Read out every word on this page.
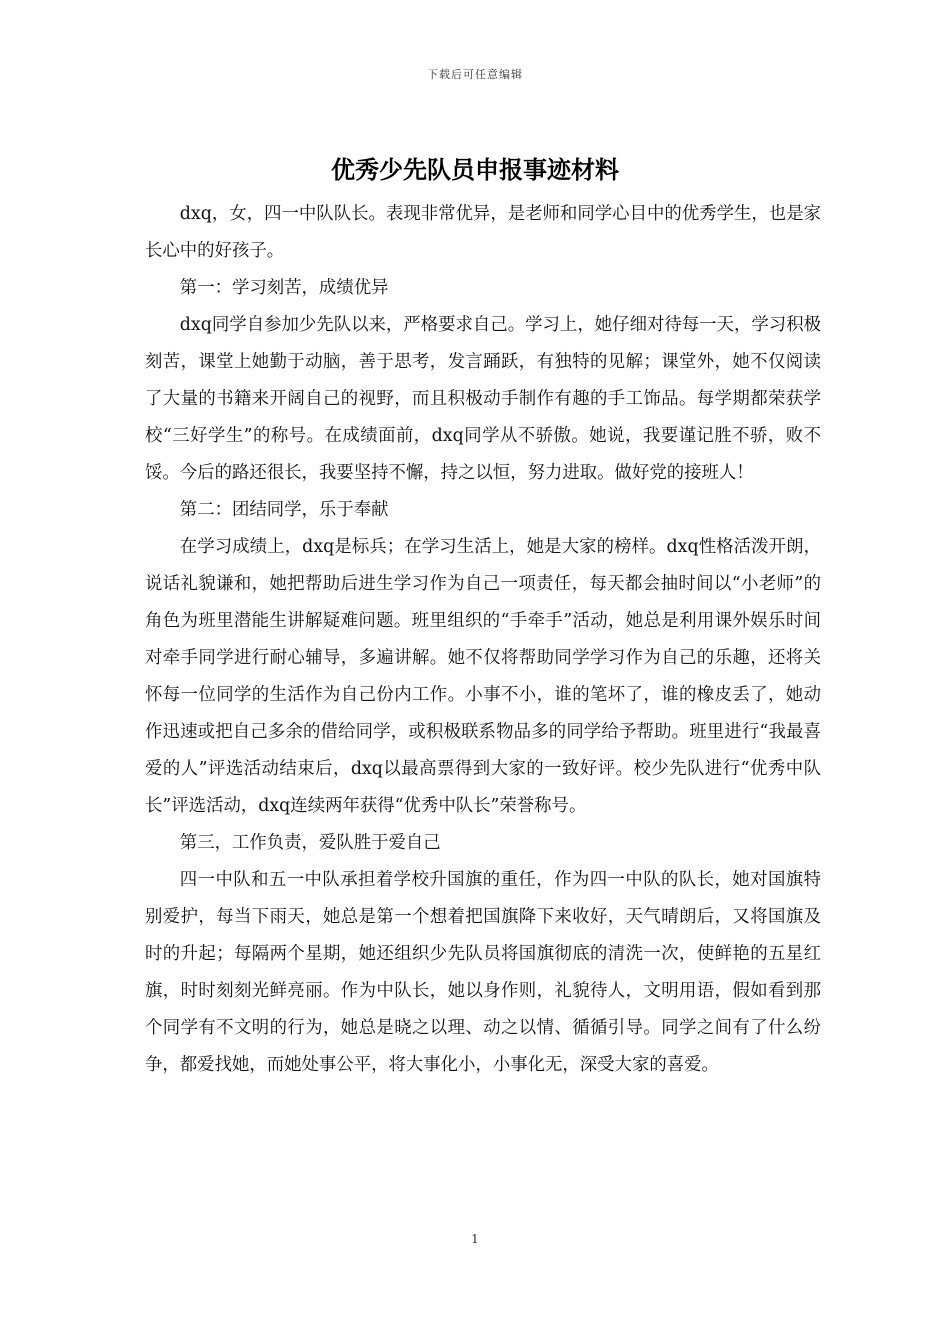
下载后可任意编辑
优秀少先队员申报事迹材料

dxq，女，四一中队队长。表现非常优异，是老师和同学心目中的优秀学生，也是家长心中的好孩子。

第一：学习刻苦，成绩优异

dxq同学自参加少先队以来，严格要求自己。学习上，她仔细对待每一天，学习积极刻苦，课堂上她勤于动脑，善于思考，发言踊跃，有独特的见解；课堂外，她不仅阅读了大量的书籍来开阔自己的视野，而且积极动手制作有趣的手工饰品。每学期都荣获学校“三好学生”的称号。在成绩面前，dxq同学从不骄傲。她说，我要谨记胜不骄，败不馁。今后的路还很长，我要坚持不懈，持之以恒，努力进取。做好党的接班人！

第二：团结同学，乐于奉献

在学习成绩上，dxq是标兵；在学习生活上，她是大家的榜样。dxq性格活泼开朗，说话礼貌谦和，她把帮助后进生学习作为自己一项责任，每天都会抽时间以“小老师”的角色为班里潜能生讲解疑难问题。班里组织的“手牵手”活动，她总是利用课外娱乐时间对牵手同学进行耐心辅导，多遍讲解。她不仅将帮助同学学习作为自己的乐趣，还将关怀每一位同学的生活作为自己份内工作。小事不小，谁的笔坏了，谁的橡皮丢了，她动作迅速或把自己多余的借给同学，或积极联系物品多的同学给予帮助。班里进行“我最喜爱的人”评选活动结束后，dxq以最高票得到大家的一致好评。校少先队进行“优秀中队长”评选活动，dxq连续两年获得“优秀中队长”荣誉称号。

第三，工作负责，爱队胜于爱自己

四一中队和五一中队承担着学校升国旗的重任，作为四一中队的队长，她对国旗特别爱护，每当下雨天，她总是第一个想着把国旗降下来收好，天气晴朗后，又将国旗及时的升起；每隔两个星期，她还组织少先队员将国旗彻底的清洗一次，使鲜艳的五星红旗，时时刻刻光鲜亮丽。作为中队长，她以身作则，礼貌待人，文明用语，假如看到那个同学有不文明的行为，她总是晓之以理、动之以情、循循引导。同学之间有了什么纷争，都爱找她，而她处事公平，将大事化小，小事化无，深受大家的喜爱。

1
